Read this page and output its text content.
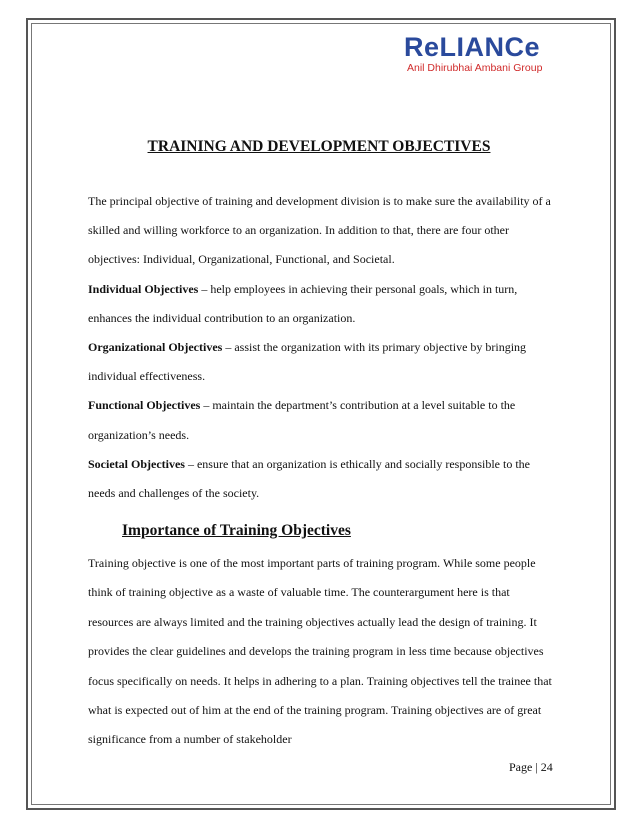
ReLIANCe
Anil Dhirubhai Ambani Group
TRAINING AND DEVELOPMENT OBJECTIVES

The principal objective of training and development division is to make sure the availability of a skilled and willing workforce to an organization. In addition to that, there are four other objectives: Individual, Organizational, Functional, and Societal.

Individual Objectives – help employees in achieving their personal goals, which in turn, enhances the individual contribution to an organization.

Organizational Objectives – assist the organization with its primary objective by bringing individual effectiveness.

Functional Objectives – maintain the department’s contribution at a level suitable to the organization’s needs.

Societal Objectives – ensure that an organization is ethically and socially responsible to the needs and challenges of the society.

Importance of Training Objectives

Training objective is one of the most important parts of training program. While some people think of training objective as a waste of valuable time. The counterargument here is that resources are always limited and the training objectives actually lead the design of training. It provides the clear guidelines and develops the training program in less time because objectives focus specifically on needs. It helps in adhering to a plan. Training objectives tell the trainee that what is expected out of him at the end of the training program. Training objectives are of great significance from a number of stakeholder

Page | 24
